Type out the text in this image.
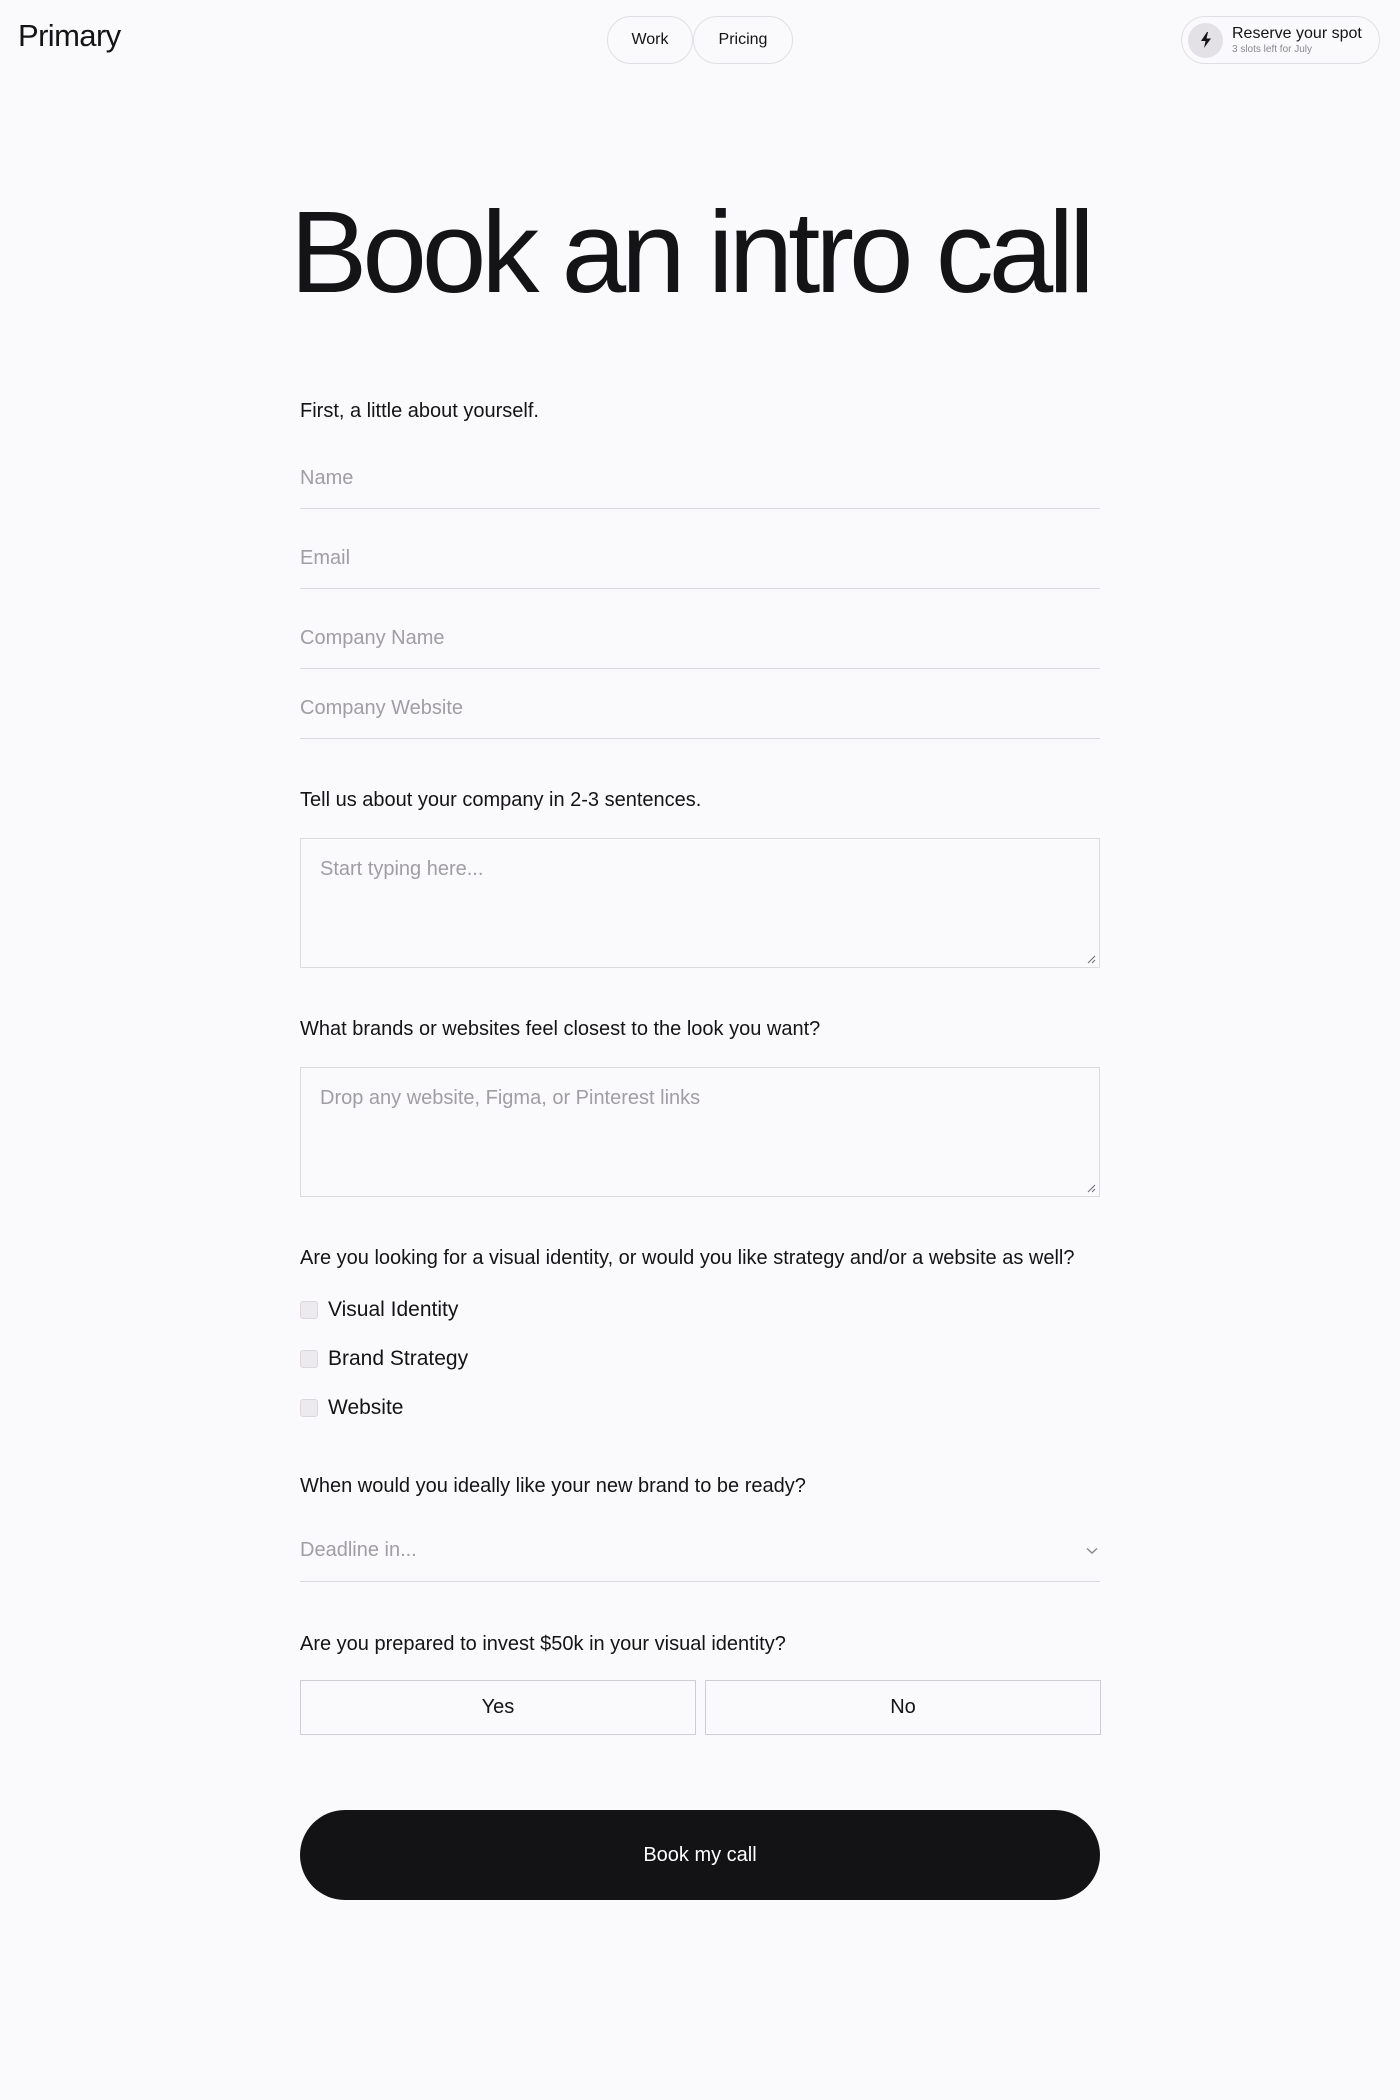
Primary	Work	Pricing	Reserve your spot
3 slots left for July
Book an intro call
First, a little about yourself.
Name
Email
Company Name
Company Website
Tell us about your company in 2-3 sentences.
Start typing here...
What brands or websites feel closest to the look you want?
Drop any website, Figma, or Pinterest links
Are you looking for a visual identity, or would you like strategy and/or a website as well?
Visual Identity
Brand Strategy
Website
When would you ideally like your new brand to be ready?
Deadline in...
Are you prepared to invest $50k in your visual identity?
Yes	No
Book my call
